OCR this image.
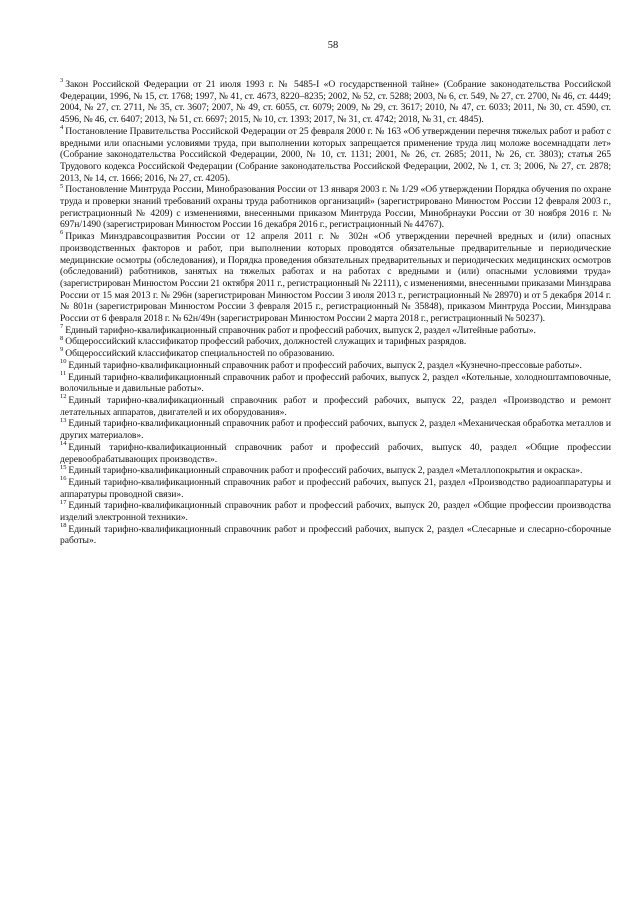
58

$^3$ Закон Российской Федерации от 21 июля 1993 г. № 5485-I «О государственной тайне» (Собрание законодательства Российской Федерации, 1996, № 15, ст. 1768; 1997, № 41, ст. 4673, 8220–8235; 2002, № 52, ст. 5288; 2003, № 6, ст. 549, № 27, ст. 2700, № 46, ст. 4449; 2004, № 27, ст. 2711, № 35, ст. 3607; 2007, № 49, ст. 6055, ст. 6079; 2009, № 29, ст. 3617; 2010, № 47, ст. 6033; 2011, № 30, ст. 4590, ст. 4596, № 46, ст. 6407; 2013, № 51, ст. 6697; 2015, № 10, ст. 1393; 2017, № 31, ст. 4742; 2018, № 31, ст. 4845).

$^4$ Постановление Правительства Российской Федерации от 25 февраля 2000 г. № 163 «Об утверждении перечня тяжелых работ и работ с вредными или опасными условиями труда, при выполнении которых запрещается применение труда лиц моложе восемнадцати лет» (Собрание законодательства Российской Федерации, 2000, № 10, ст. 1131; 2001, № 26, ст. 2685; 2011, № 26, ст. 3803); статья 265 Трудового кодекса Российской Федерации (Собрание законодательства Российской Федерации, 2002, № 1, ст. 3; 2006, № 27, ст. 2878; 2013, № 14, ст. 1666; 2016, № 27, ст. 4205).

$^5$ Постановление Минтруда России, Минобразования России от 13 января 2003 г. № 1/29 «Об утверждении Порядка обучения по охране труда и проверки знаний требований охраны труда работников организаций» (зарегистрировано Минюстом России 12 февраля 2003 г., регистрационный № 4209) с изменениями, внесенными приказом Минтруда России, Минобрнауки России от 30 ноября 2016 г. № 697н/1490 (зарегистрирован Минюстом России 16 декабря 2016 г., регистрационный № 44767).

$^6$ Приказ Минздравсоцразвития России от 12 апреля 2011 г. № 302н «Об утверждении перечней вредных и (или) опасных производственных факторов и работ, при выполнении которых проводятся обязательные предварительные и периодические медицинские осмотры (обследования), и Порядка проведения обязательных предварительных и периодических медицинских осмотров (обследований) работников, занятых на тяжелых работах и на работах с вредными и (или) опасными условиями труда» (зарегистрирован Минюстом России 21 октября 2011 г., регистрационный № 22111), с изменениями, внесенными приказами Минздрава России от 15 мая 2013 г. № 296н (зарегистрирован Минюстом России 3 июля 2013 г., регистрационный № 28970) и от 5 декабря 2014 г. № 801н (зарегистрирован Минюстом России 3 февраля 2015 г., регистрационный № 35848), приказом Минтруда России, Минздрава России от 6 февраля 2018 г. № 62н/49н (зарегистрирован Минюстом России 2 марта 2018 г., регистрационный № 50237).

$^7$ Единый тарифно-квалификационный справочник работ и профессий рабочих, выпуск 2, раздел «Литейные работы».

$^8$ Общероссийский классификатор профессий рабочих, должностей служащих и тарифных разрядов.

$^9$ Общероссийский классификатор специальностей по образованию.

$^{10}$ Единый тарифно-квалификационный справочник работ и профессий рабочих, выпуск 2, раздел «Кузнечно-прессовые работы».

$^{11}$ Единый тарифно-квалификационный справочник работ и профессий рабочих, выпуск 2, раздел «Котельные, холодноштамповочные, волочильные и давильные работы».

$^{12}$ Единый тарифно-квалификационный справочник работ и профессий рабочих, выпуск 22, раздел «Производство и ремонт летательных аппаратов, двигателей и их оборудования».

$^{13}$ Единый тарифно-квалификационный справочник работ и профессий рабочих, выпуск 2, раздел «Механическая обработка металлов и других материалов».

$^{14}$ Единый тарифно-квалификационный справочник работ и профессий рабочих, выпуск 40, раздел «Общие профессии деревообрабатывающих производств».

$^{15}$ Единый тарифно-квалификационный справочник работ и профессий рабочих, выпуск 2, раздел «Металлопокрытия и окраска».

$^{16}$ Единый тарифно-квалификационный справочник работ и профессий рабочих, выпуск 21, раздел «Производство радиоаппаратуры и аппаратуры проводной связи».

$^{17}$ Единый тарифно-квалификационный справочник работ и профессий рабочих, выпуск 20, раздел «Общие профессии производства изделий электронной техники».

$^{18}$ Единый тарифно-квалификационный справочник работ и профессий рабочих, выпуск 2, раздел «Слесарные и слесарно-сборочные работы».
